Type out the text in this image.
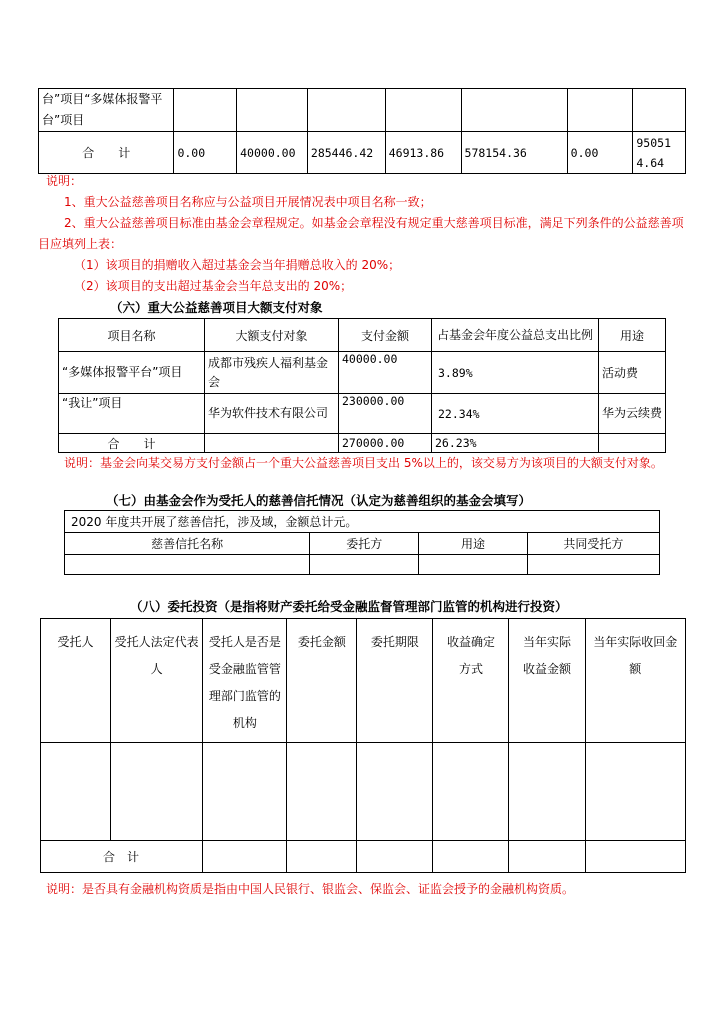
台”项目“多媒体报警平台”项目							
合　　计	0.00	40000.00	285446.42	46913.86	578154.36	0.00	950514.64
说明：
1、重大公益慈善项目名称应与公益项目开展情况表中项目名称一致；
2、重大公益慈善项目标准由基金会章程规定。如基金会章程没有规定重大慈善项目标准，满足下列条件的公益慈善项目应填列上表：
（1）该项目的捐赠收入超过基金会当年捐赠总收入的 20%；
（2）该项目的支出超过基金会当年总支出的 20%；
（六）重大公益慈善项目大额支付对象
项目名称	大额支付对象	支付金额	占基金会年度公益总支出比例	用途
“多媒体报警平台”项目	成都市残疾人福利基金会	40000.00	3.89%	活动费
“我让”项目	华为软件技术有限公司	230000.00	22.34%	华为云续费
合　　计		270000.00	26.23%	
说明：基金会向某交易方支付金额占一个重大公益慈善项目支出 5%以上的，该交易方为该项目的大额支付对象。
（七）由基金会作为受托人的慈善信托情况（认定为慈善组织的基金会填写）
2020 年度共开展了慈善信托，涉及域，金额总计元。			
慈善信托名称	委托方	用途	共同受托方

（八）委托投资（是指将财产委托给受金融监督管理部门监管的机构进行投资）
受托人	受托人法定代表人	受托人是否是受金融监管管理部门监管的机构	委托金额	委托期限	收益确定方式	当年实际收益金额	当年实际收回金额

合　计							
说明：是否具有金融机构资质是指由中国人民银行、银监会、保监会、证监会授予的金融机构资质。
